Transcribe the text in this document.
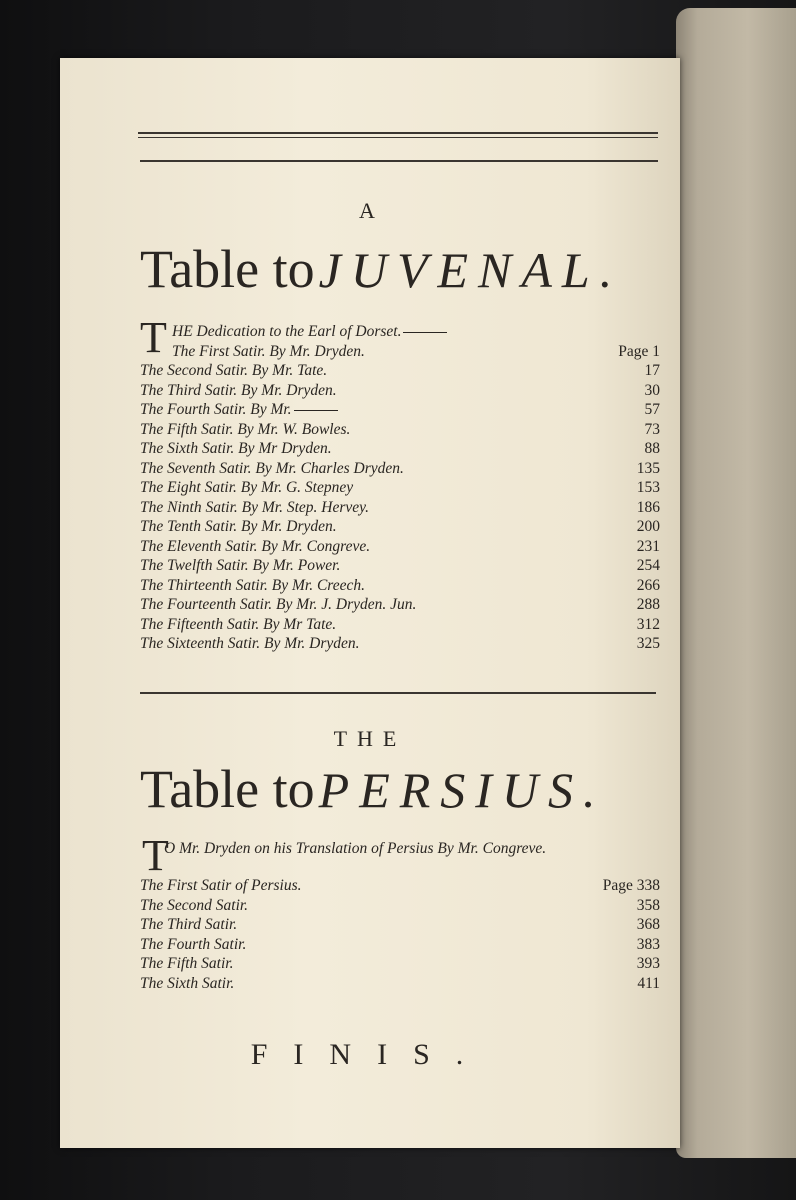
A
Table to JUVENAL.
T HE Dedication to the Earl of Dorset.
The First Satir. By Mr. Dryden.	Page 1
The Second Satir. By Mr. Tate.	17
The Third Satir. By Mr. Dryden.	30
The Fourth Satir. By Mr.	57
The Fifth Satir. By Mr. W. Bowles.	73
The Sixth Satir. By Mr Dryden.	88
The Seventh Satir. By Mr. Charles Dryden.	135
The Eight Satir. By Mr. G. Stepney	153
The Ninth Satir. By Mr. Step. Hervey.	186
The Tenth Satir. By Mr. Dryden.	200
The Eleventh Satir. By Mr. Congreve.	231
The Twelfth Satir. By Mr. Power.	254
The Thirteenth Satir. By Mr. Creech.	266
The Fourteenth Satir. By Mr. J. Dryden. Jun.	288
The Fifteenth Satir. By Mr Tate.	312
The Sixteenth Satir. By Mr. Dryden.	325
THE
Table to PERSIUS.
T
O Mr. Dryden on his Translation of Persius By Mr. Congreve.
The First Satir of Persius.	Page 338
The Second Satir.	358
The Third Satir.	368
The Fourth Satir.	383
The Fifth Satir.	393
The Sixth Satir.	411
FINIS.
